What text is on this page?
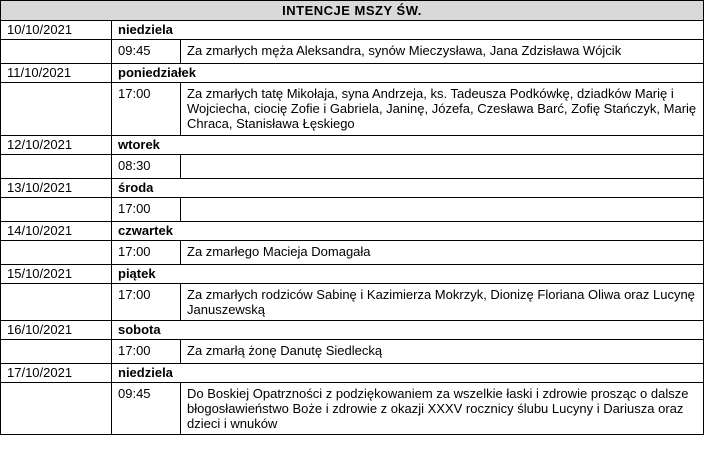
INTENCJE MSZY ŚW.		
10/10/2021	niedziela	
	09:45	Za zmarłych męża Aleksandra, synów Mieczysława, Jana Zdzisława Wójcik
11/10/2021	poniedziałek	
	17:00	Za zmarłych tatę Mikołaja, syna Andrzeja, ks. Tadeusza Podkówkę, dziadków Marię i Wojciecha, ciocię Zofie i Gabriela, Janinę, Józefa, Czesława Barć, Zofię Stańczyk, Marię Chraca, Stanisława Łęskiego
12/10/2021	wtorek	
	08:30	
13/10/2021	środa	
	17:00	
14/10/2021	czwartek	
	17:00	Za zmarłego Macieja Domagała
15/10/2021	piątek	
	17:00	Za zmarłych rodziców Sabinę i Kazimierza Mokrzyk, Dionizę Floriana Oliwa oraz Lucynę Januszewską
16/10/2021	sobota	
	17:00	Za zmarłą żonę Danutę Siedlecką
17/10/2021	niedziela	
	09:45	Do Boskiej Opatrzności z podziękowaniem za wszelkie łaski i zdrowie prosząc o dalsze błogosławieństwo Boże i zdrowie z okazji XXXV rocznicy ślubu Lucyny i Dariusza oraz dzieci i wnuków
